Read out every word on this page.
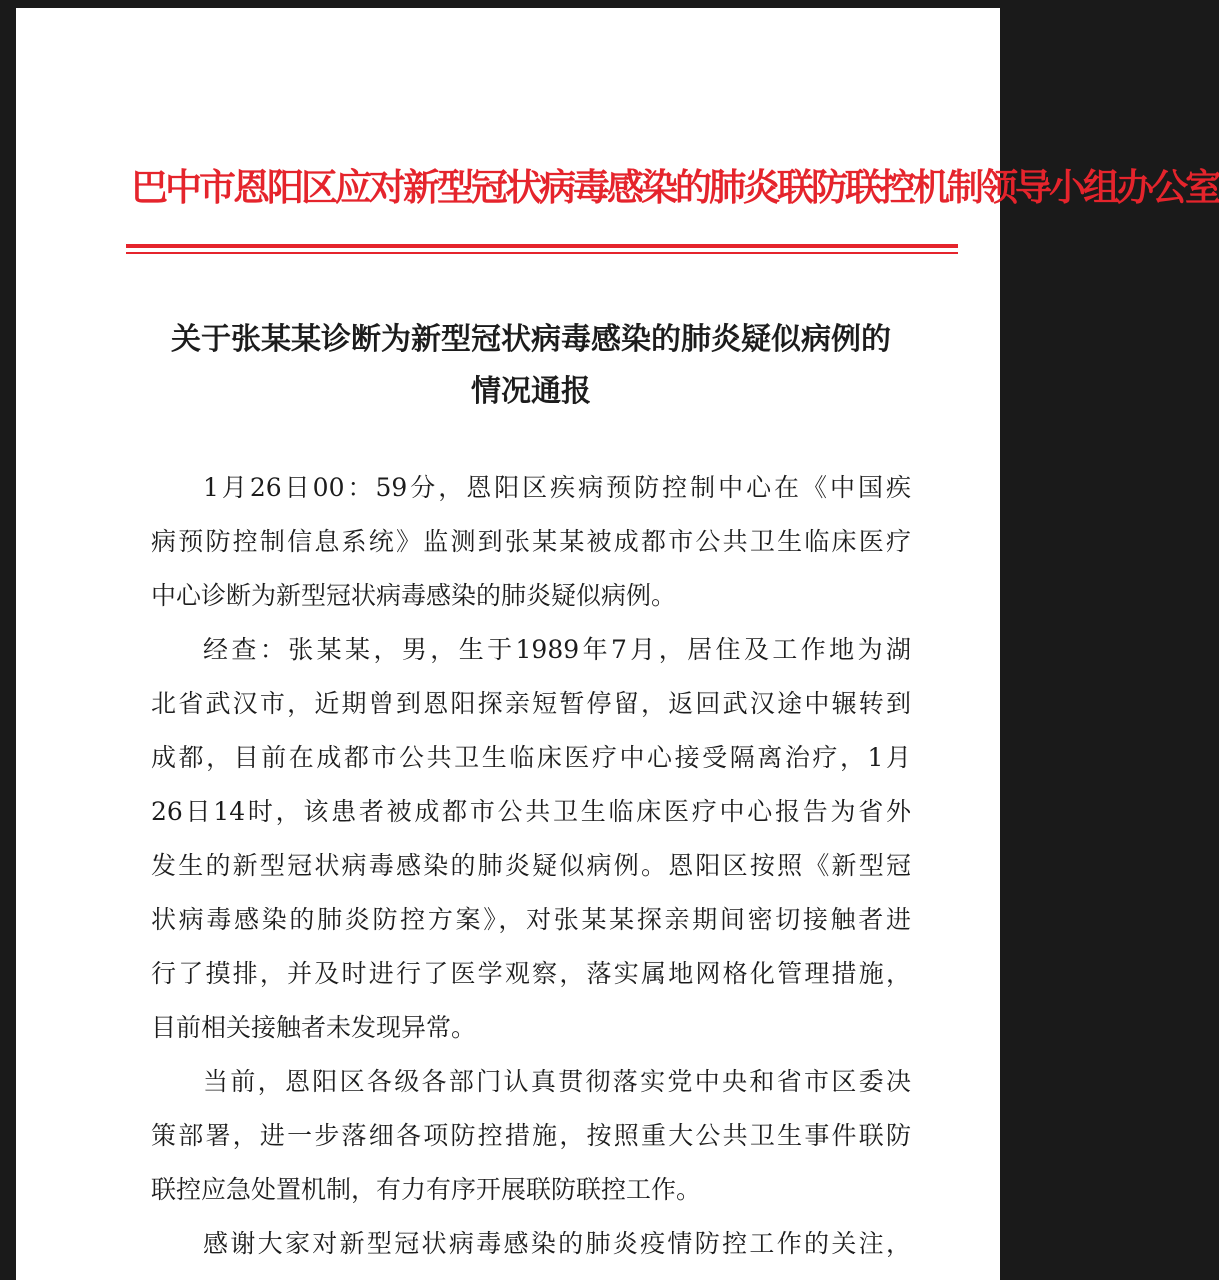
巴中市恩阳区应对新型冠状病毒感染的肺炎联防联控机制领导小组办公室
关于张某某诊断为新型冠状病毒感染的肺炎疑似病例的
情况通报
1月26日00：59分，恩阳区疾病预防控制中心在《中国疾
病预防控制信息系统》监测到张某某被成都市公共卫生临床医疗
中心诊断为新型冠状病毒感染的肺炎疑似病例。
经查：张某某，男，生于1989年7月，居住及工作地为湖
北省武汉市，近期曾到恩阳探亲短暂停留，返回武汉途中辗转到
成都，目前在成都市公共卫生临床医疗中心接受隔离治疗，1月
26日14时，该患者被成都市公共卫生临床医疗中心报告为省外
发生的新型冠状病毒感染的肺炎疑似病例。恩阳区按照《新型冠
状病毒感染的肺炎防控方案》，对张某某探亲期间密切接触者进
行了摸排，并及时进行了医学观察，落实属地网格化管理措施，
目前相关接触者未发现异常。
当前，恩阳区各级各部门认真贯彻落实党中央和省市区委决
策部署，进一步落细各项防控措施，按照重大公共卫生事件联防
联控应急处置机制，有力有序开展联防联控工作。
感谢大家对新型冠状病毒感染的肺炎疫情防控工作的关注，
